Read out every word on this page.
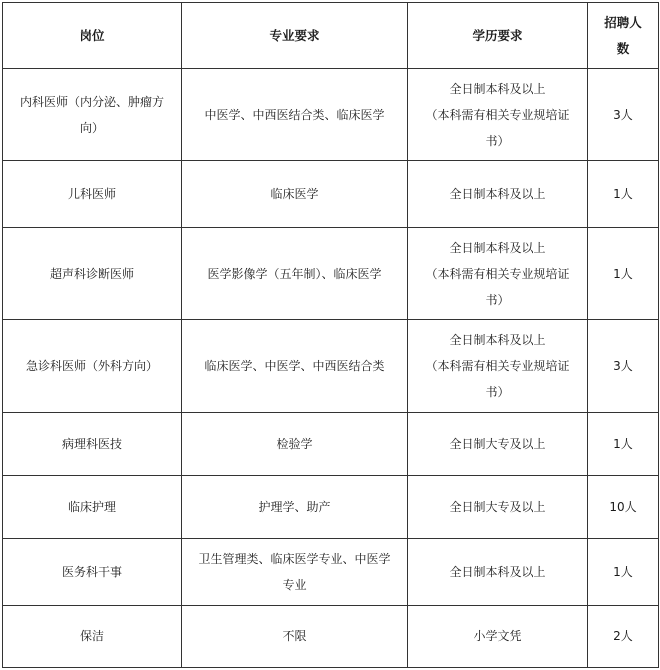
岗位	专业要求	学历要求	招聘人
数

内科医师（内分泌、肿瘤方
向）	中医学、中西医结合类、临床医学	全日制本科及以上
（本科需有相关专业规培证
书）	3人

儿科医师	临床医学	全日制本科及以上	1人

超声科诊断医师	医学影像学（五年制）、临床医学	全日制本科及以上
（本科需有相关专业规培证
书）	1人

急诊科医师（外科方向）	临床医学、中医学、中西医结合类	全日制本科及以上
（本科需有相关专业规培证
书）	3人

病理科医技	检验学	全日制大专及以上	1人

临床护理	护理学、助产	全日制大专及以上	10人

医务科干事	卫生管理类、临床医学专业、中医学
专业	全日制本科及以上	1人

保洁	不限	小学文凭	2人
